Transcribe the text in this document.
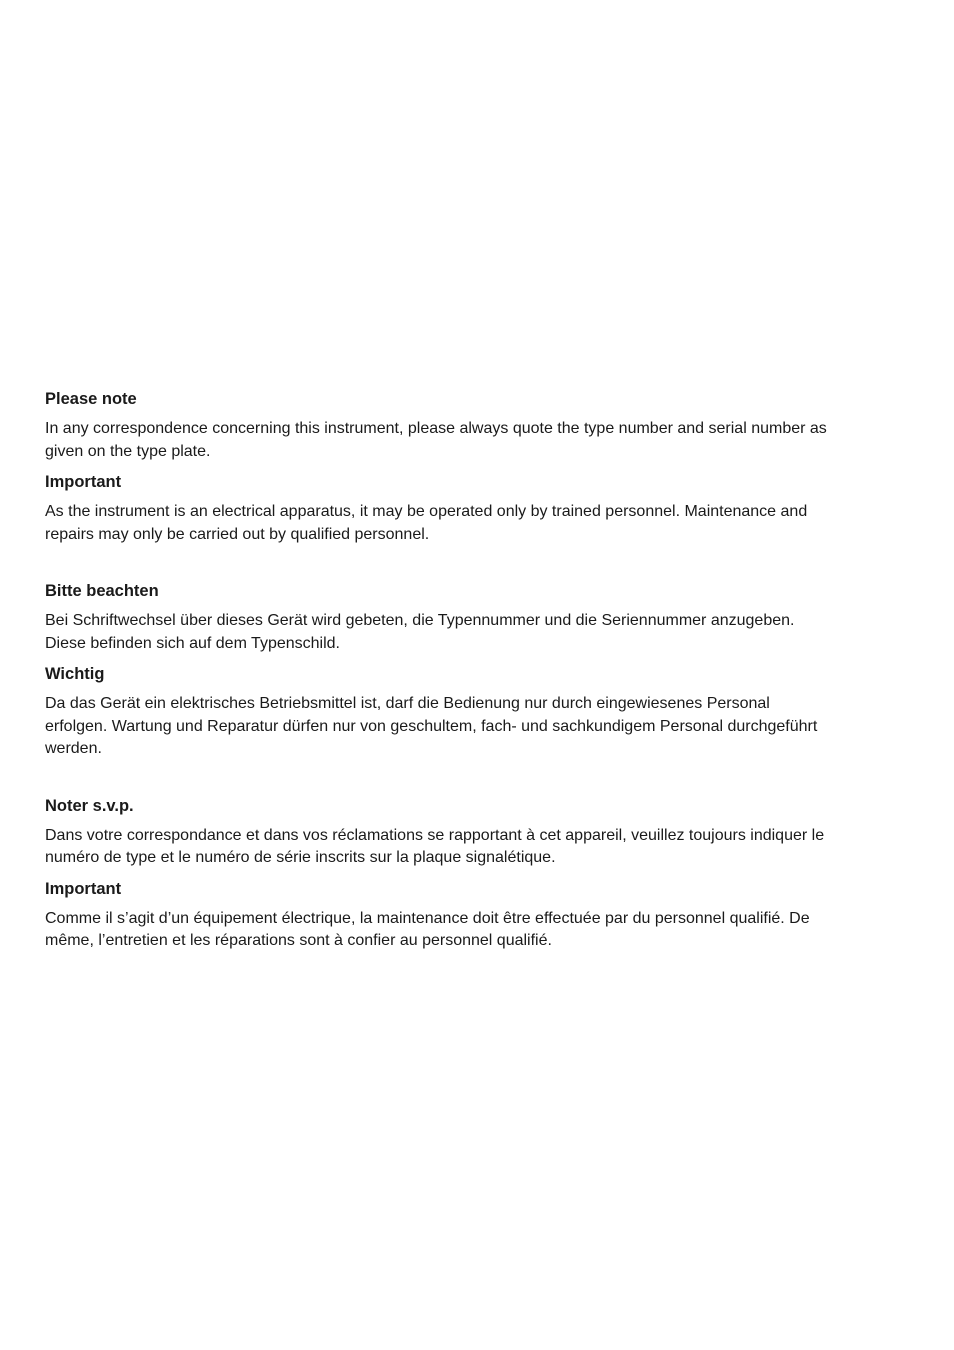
Please note
In any correspondence concerning this instrument, please always quote the type number and serial number as given on the type plate.
Important
As the instrument is an electrical apparatus, it may be operated only by trained personnel. Maintenance and repairs may only be carried out by qualified personnel.
Bitte beachten
Bei Schriftwechsel über dieses Gerät wird gebeten, die Typennummer und die Seriennummer anzugeben. Diese befinden sich auf dem Typenschild.
Wichtig
Da das Gerät ein elektrisches Betriebsmittel ist, darf die Bedienung nur durch eingewiesenes Personal erfolgen. Wartung und Reparatur dürfen nur von geschultem, fach- und sachkundigem Personal durchgeführt werden.
Noter s.v.p.
Dans votre correspondance et dans vos réclamations se rapportant à cet appareil, veuillez toujours indiquer le numéro de type et le numéro de série inscrits sur la plaque signalétique.
Important
Comme il s’agit d’un équipement électrique, la maintenance doit être effectuée par du personnel qualifié. De même, l’entretien et les réparations sont à confier au personnel qualifié.
